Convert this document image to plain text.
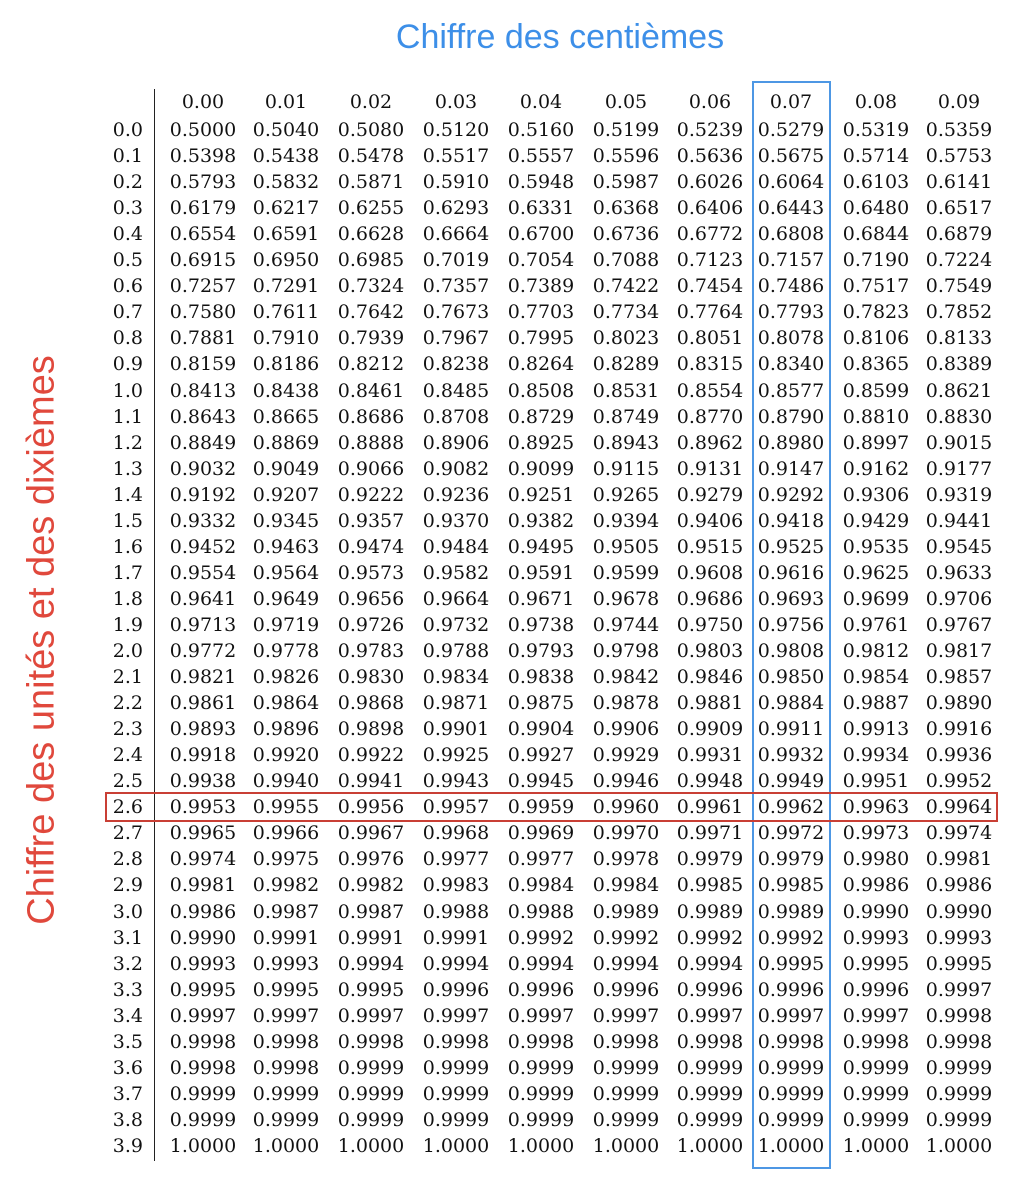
Chiffre des centièmes
Chiffre des unités et des dixièmes
0.00	0.01	0.02	0.03	0.04	0.05	0.06	0.07	0.08	0.09
0.0	0.5000 0.5040 0.5080 0.5120 0.5160 0.5199 0.5239 0.5279 0.5319 0.5359
0.1	0.5398 0.5438 0.5478 0.5517 0.5557 0.5596 0.5636 0.5675 0.5714 0.5753
0.2	0.5793 0.5832 0.5871 0.5910 0.5948 0.5987 0.6026 0.6064 0.6103 0.6141
0.3	0.6179 0.6217 0.6255 0.6293 0.6331 0.6368 0.6406 0.6443 0.6480 0.6517
0.4	0.6554 0.6591 0.6628 0.6664 0.6700 0.6736 0.6772 0.6808 0.6844 0.6879
0.5	0.6915 0.6950 0.6985 0.7019 0.7054 0.7088 0.7123 0.7157 0.7190 0.7224
0.6	0.7257 0.7291 0.7324 0.7357 0.7389 0.7422 0.7454 0.7486 0.7517 0.7549
0.7	0.7580 0.7611 0.7642 0.7673 0.7703 0.7734 0.7764 0.7793 0.7823 0.7852
0.8	0.7881 0.7910 0.7939 0.7967 0.7995 0.8023 0.8051 0.8078 0.8106 0.8133
0.9	0.8159 0.8186 0.8212 0.8238 0.8264 0.8289 0.8315 0.8340 0.8365 0.8389
1.0	0.8413 0.8438 0.8461 0.8485 0.8508 0.8531 0.8554 0.8577 0.8599 0.8621
1.1	0.8643 0.8665 0.8686 0.8708 0.8729 0.8749 0.8770 0.8790 0.8810 0.8830
1.2	0.8849 0.8869 0.8888 0.8906 0.8925 0.8943 0.8962 0.8980 0.8997 0.9015
1.3	0.9032 0.9049 0.9066 0.9082 0.9099 0.9115 0.9131 0.9147 0.9162 0.9177
1.4	0.9192 0.9207 0.9222 0.9236 0.9251 0.9265 0.9279 0.9292 0.9306 0.9319
1.5	0.9332 0.9345 0.9357 0.9370 0.9382 0.9394 0.9406 0.9418 0.9429 0.9441
1.6	0.9452 0.9463 0.9474 0.9484 0.9495 0.9505 0.9515 0.9525 0.9535 0.9545
1.7	0.9554 0.9564 0.9573 0.9582 0.9591 0.9599 0.9608 0.9616 0.9625 0.9633
1.8	0.9641 0.9649 0.9656 0.9664 0.9671 0.9678 0.9686 0.9693 0.9699 0.9706
1.9	0.9713 0.9719 0.9726 0.9732 0.9738 0.9744 0.9750 0.9756 0.9761 0.9767
2.0	0.9772 0.9778 0.9783 0.9788 0.9793 0.9798 0.9803 0.9808 0.9812 0.9817
2.1	0.9821 0.9826 0.9830 0.9834 0.9838 0.9842 0.9846 0.9850 0.9854 0.9857
2.2	0.9861 0.9864 0.9868 0.9871 0.9875 0.9878 0.9881 0.9884 0.9887 0.9890
2.3	0.9893 0.9896 0.9898 0.9901 0.9904 0.9906 0.9909 0.9911 0.9913 0.9916
2.4	0.9918 0.9920 0.9922 0.9925 0.9927 0.9929 0.9931 0.9932 0.9934 0.9936
2.5	0.9938 0.9940 0.9941 0.9943 0.9945 0.9946 0.9948 0.9949 0.9951 0.9952
2.6	0.9953 0.9955 0.9956 0.9957 0.9959 0.9960 0.9961 0.9962 0.9963 0.9964
2.7	0.9965 0.9966 0.9967 0.9968 0.9969 0.9970 0.9971 0.9972 0.9973 0.9974
2.8	0.9974 0.9975 0.9976 0.9977 0.9977 0.9978 0.9979 0.9979 0.9980 0.9981
2.9	0.9981 0.9982 0.9982 0.9983 0.9984 0.9984 0.9985 0.9985 0.9986 0.9986
3.0	0.9986 0.9987 0.9987 0.9988 0.9988 0.9989 0.9989 0.9989 0.9990 0.9990
3.1	0.9990 0.9991 0.9991 0.9991 0.9992 0.9992 0.9992 0.9992 0.9993 0.9993
3.2	0.9993 0.9993 0.9994 0.9994 0.9994 0.9994 0.9994 0.9995 0.9995 0.9995
3.3	0.9995 0.9995 0.9995 0.9996 0.9996 0.9996 0.9996 0.9996 0.9996 0.9997
3.4	0.9997 0.9997 0.9997 0.9997 0.9997 0.9997 0.9997 0.9997 0.9997 0.9998
3.5	0.9998 0.9998 0.9998 0.9998 0.9998 0.9998 0.9998 0.9998 0.9998 0.9998
3.6	0.9998 0.9998 0.9999 0.9999 0.9999 0.9999 0.9999 0.9999 0.9999 0.9999
3.7	0.9999 0.9999 0.9999 0.9999 0.9999 0.9999 0.9999 0.9999 0.9999 0.9999
3.8	0.9999 0.9999 0.9999 0.9999 0.9999 0.9999 0.9999 0.9999 0.9999 0.9999
3.9	1.0000 1.0000 1.0000 1.0000 1.0000 1.0000 1.0000 1.0000 1.0000 1.0000
